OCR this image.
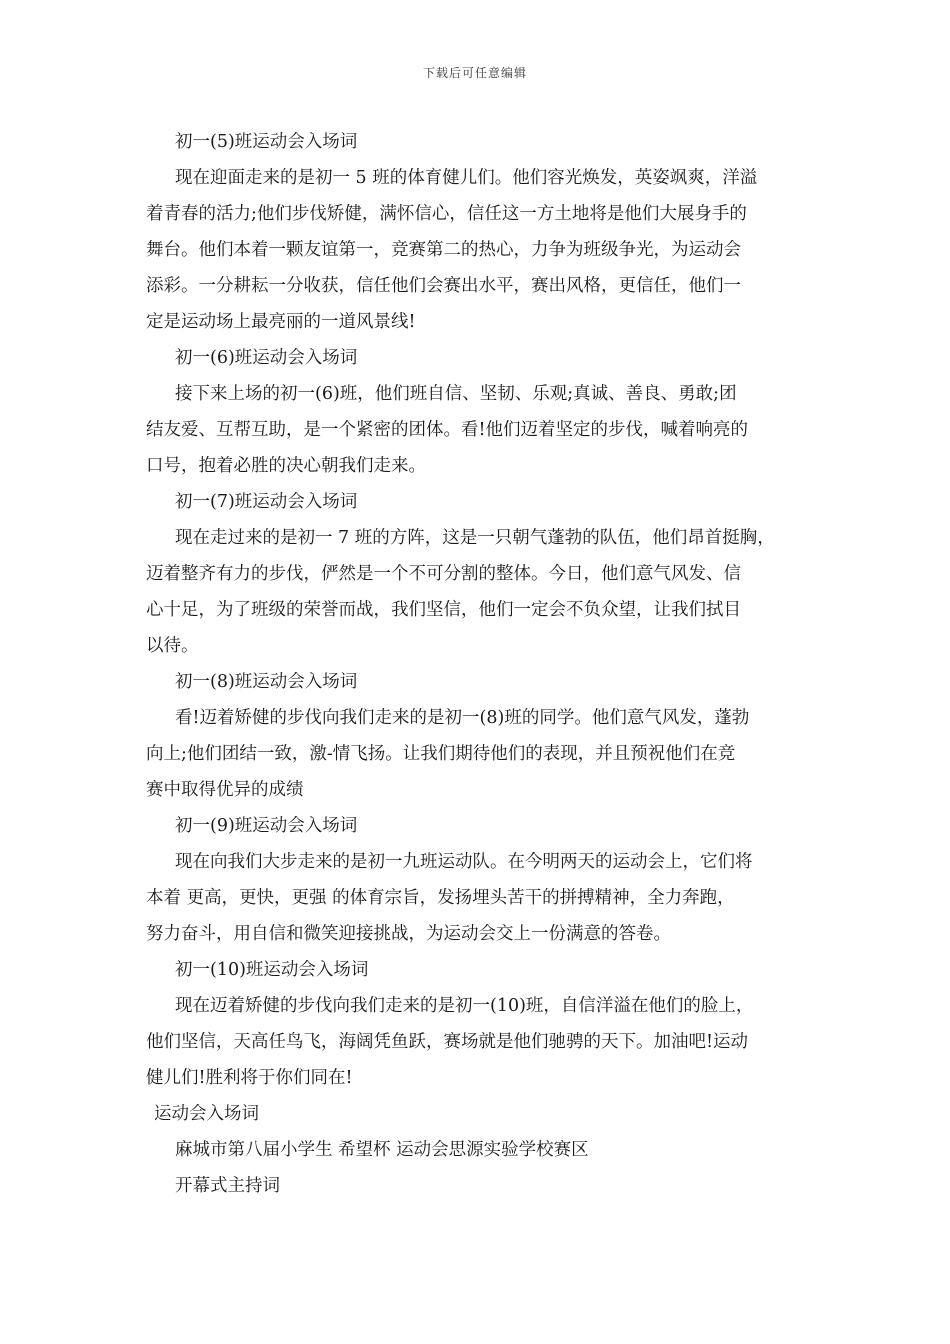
下载后可任意编辑
初一(5)班运动会入场词
现在迎面走来的是初一 5 班的体育健儿们。他们容光焕发，英姿飒爽，洋溢
着青春的活力;他们步伐矫健，满怀信心，信任这一方土地将是他们大展身手的
舞台。他们本着一颗友谊第一，竞赛第二的热心，力争为班级争光，为运动会
添彩。一分耕耘一分收获，信任他们会赛出水平，赛出风格，更信任，他们一
定是运动场上最亮丽的一道风景线!
初一(6)班运动会入场词
接下来上场的初一(6)班，他们班自信、坚韧、乐观;真诚、善良、勇敢;团
结友爱、互帮互助，是一个紧密的团体。看!他们迈着坚定的步伐，喊着响亮的
口号，抱着必胜的决心朝我们走来。
初一(7)班运动会入场词
现在走过来的是初一 7 班的方阵，这是一只朝气蓬勃的队伍，他们昂首挺胸，
迈着整齐有力的步伐，俨然是一个不可分割的整体。今日，他们意气风发、信
心十足，为了班级的荣誉而战，我们坚信，他们一定会不负众望，让我们拭目
以待。
初一(8)班运动会入场词
看!迈着矫健的步伐向我们走来的是初一(8)班的同学。他们意气风发，蓬勃
向上;他们团结一致，激-情飞扬。让我们期待他们的表现，并且预祝他们在竞
赛中取得优异的成绩
初一(9)班运动会入场词
现在向我们大步走来的是初一九班运动队。在今明两天的运动会上，它们将
本着 更高，更快，更强 的体育宗旨，发扬埋头苦干的拼搏精神，全力奔跑，
努力奋斗，用自信和微笑迎接挑战，为运动会交上一份满意的答卷。
初一(10)班运动会入场词
现在迈着矫健的步伐向我们走来的是初一(10)班，自信洋溢在他们的脸上，
他们坚信，天高任鸟飞，海阔凭鱼跃，赛场就是他们驰骋的天下。加油吧!运动
健儿们!胜利将于你们同在!
运动会入场词
麻城市第八届小学生 希望杯 运动会思源实验学校赛区
开幕式主持词
